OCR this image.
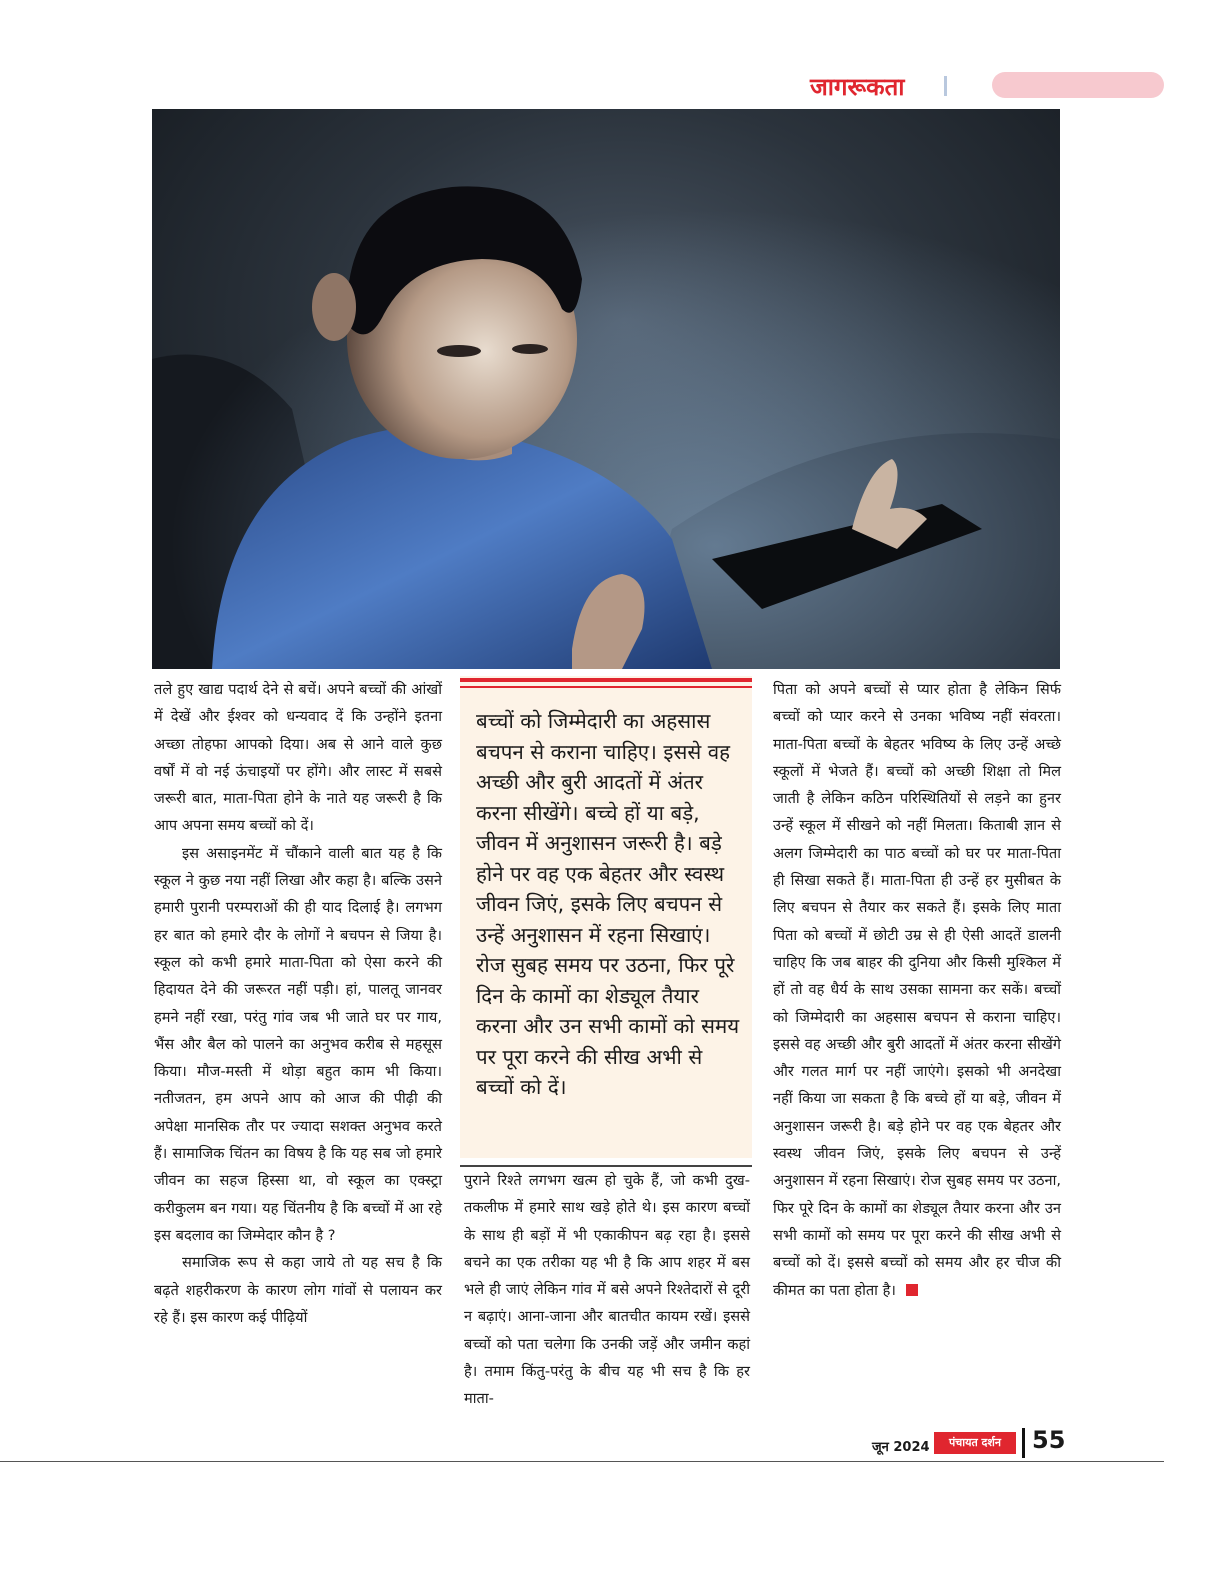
जागरूकता

तले हुए खाद्य पदार्थ देने से बचें। अपने बच्चों की आंखों में देखें और ईश्वर को धन्यवाद दें कि उन्होंने इतना अच्छा तोहफा आपको दिया। अब से आने वाले कुछ वर्षों में वो नई ऊंचाइयों पर होंगे। और लास्ट में सबसे जरूरी बात, माता-पिता होने के नाते यह जरूरी है कि आप अपना समय बच्चों को दें।

इस असाइनमेंट में चौंकाने वाली बात यह है कि स्कूल ने कुछ नया नहीं लिखा और कहा है। बल्कि उसने हमारी पुरानी परम्पराओं की ही याद दिलाई है। लगभग हर बात को हमारे दौर के लोगों ने बचपन से जिया है। स्कूल को कभी हमारे माता-पिता को ऐसा करने की हिदायत देने की जरूरत नहीं पड़ी। हां, पालतू जानवर हमने नहीं रखा, परंतु गांव जब भी जाते घर पर गाय, भैंस और बैल को पालने का अनुभव करीब से महसूस किया। मौज-मस्ती में थोड़ा बहुत काम भी किया। नतीजतन, हम अपने आप को आज की पीढ़ी की अपेक्षा मानसिक तौर पर ज्यादा सशक्त अनुभव करते हैं। सामाजिक चिंतन का विषय है कि यह सब जो हमारे जीवन का सहज हिस्सा था, वो स्कूल का एक्स्ट्रा करीकुलम बन गया। यह चिंतनीय है कि बच्चों में आ रहे इस बदलाव का जिम्मेदार कौन है ?

समाजिक रूप से कहा जाये तो यह सच है कि बढ़ते शहरीकरण के कारण लोग गांवों से पलायन कर रहे हैं। इस कारण कई पीढ़ियों

बच्चों को जिम्मेदारी का अहसास बचपन से कराना चाहिए। इससे वह अच्छी और बुरी आदतों में अंतर करना सीखेंगे। बच्चे हों या बड़े, जीवन में अनुशासन जरूरी है। बड़े होने पर वह एक बेहतर और स्वस्थ जीवन जिएं, इसके लिए बचपन से उन्हें अनुशासन में रहना सिखाएं। रोज सुबह समय पर उठना, फिर पूरे दिन के कामों का शेड्यूल तैयार करना और उन सभी कामों को समय पर पूरा करने की सीख अभी से बच्चों को दें।

पुराने रिश्ते लगभग खत्म हो चुके हैं, जो कभी दुख-तकलीफ में हमारे साथ खड़े होते थे। इस कारण बच्चों के साथ ही बड़ों में भी एकाकीपन बढ़ रहा है। इससे बचने का एक तरीका यह भी है कि आप शहर में बस भले ही जाएं लेकिन गांव में बसे अपने रिश्तेदारों से दूरी न बढ़ाएं। आना-जाना और बातचीत कायम रखें। इससे बच्चों को पता चलेगा कि उनकी जड़ें और जमीन कहां है। तमाम किंतु-परंतु के बीच यह भी सच है कि हर माता-

पिता को अपने बच्चों से प्यार होता है लेकिन सिर्फ बच्चों को प्यार करने से उनका भविष्य नहीं संवरता। माता-पिता बच्चों के बेहतर भविष्य के लिए उन्हें अच्छे स्कूलों में भेजते हैं। बच्चों को अच्छी शिक्षा तो मिल जाती है लेकिन कठिन परिस्थितियों से लड़ने का हुनर उन्हें स्कूल में सीखने को नहीं मिलता। किताबी ज्ञान से अलग जिम्मेदारी का पाठ बच्चों को घर पर माता-पिता ही सिखा सकते हैं। माता-पिता ही उन्हें हर मुसीबत के लिए बचपन से तैयार कर सकते हैं। इसके लिए माता पिता को बच्चों में छोटी उम्र से ही ऐसी आदतें डालनी चाहिए कि जब बाहर की दुनिया और किसी मुश्किल में हों तो वह धैर्य के साथ उसका सामना कर सकें। बच्चों को जिम्मेदारी का अहसास बचपन से कराना चाहिए। इससे वह अच्छी और बुरी आदतों में अंतर करना सीखेंगे और गलत मार्ग पर नहीं जाएंगे। इसको भी अनदेखा नहीं किया जा सकता है कि बच्चे हों या बड़े, जीवन में अनुशासन जरूरी है। बड़े होने पर वह एक बेहतर और स्वस्थ जीवन जिएं, इसके लिए बचपन से उन्हें अनुशासन में रहना सिखाएं। रोज सुबह समय पर उठना, फिर पूरे दिन के कामों का शेड्यूल तैयार करना और उन सभी कामों को समय पर पूरा करने की सीख अभी से बच्चों को दें। इससे बच्चों को समय और हर चीज की कीमत का पता होता है।

जून 2024	पंचायत दर्शन	55
